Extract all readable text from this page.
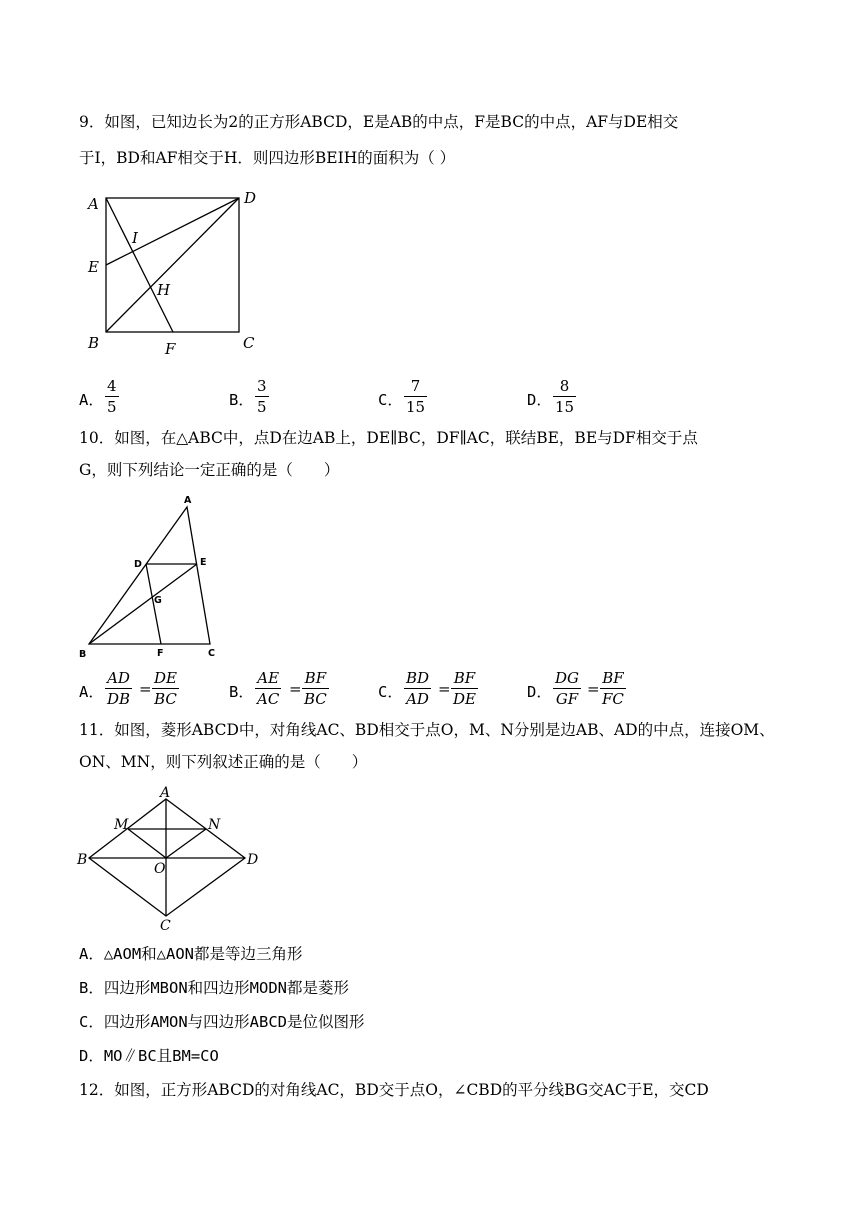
9．如图，已知边长为2的正方形ABCD，E是AB的中点，F是BC的中点，AF与DE相交
于I，BD和AF相交于H．则四边形BEIH的面积为（ ）
A	D
I
E
H
B	F	C
A． $\frac{4}{5}$	B． $\frac{3}{5}$	C． $\frac{7}{15}$	D． $\frac{8}{15}$
10．如图，在△ABC中，点D在边AB上，DE∥BC，DF∥AC，联结BE，BE与DF相交于点
G，则下列结论一定正确的是（　　）
A
D	E
G
B	F	C
A． $\frac{AD}{DB} = \frac{DE}{BC}$	B． $\frac{AE}{AC} = \frac{BF}{BC}$	C． $\frac{BD}{AD} = \frac{BF}{DE}$	D． $\frac{DG}{GF} = \frac{BF}{FC}$
11．如图，菱形ABCD中，对角线AC、BD相交于点O，M、N分别是边AB、AD的中点，连接OM、
ON、MN，则下列叙述正确的是（　　）
A
M	N
B
O
D
C
A．△AOM和△AON都是等边三角形
B．四边形MBON和四边形MODN都是菱形
C．四边形AMON与四边形ABCD是位似图形
D．MO∥BC且BM=CO
12．如图，正方形ABCD的对角线AC，BD交于点O，∠CBD的平分线BG交AC于E，交CD
